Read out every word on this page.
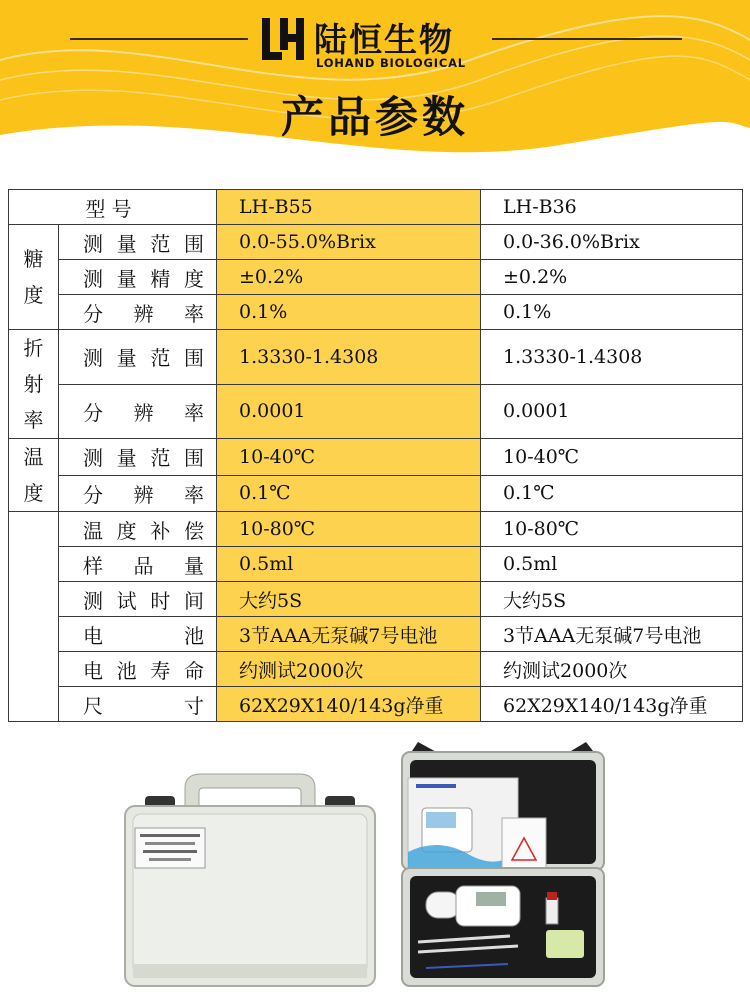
陆恒生物
LOHAND BIOLOGICAL
产品参数
型 号		LH-B55	LH-B36

糖
度	测量范围	0.0-55.0%Brix	0.0-36.0%Brix
	测量精度	±0.2%	±0.2%
	分辨率	0.1%	0.1%

折
射
率	测量范围	1.3330-1.4308	1.3330-1.4308
	分辨率	0.0001	0.0001

温
度	测量范围	10-40℃	10-40℃
	分辨率	0.1℃	0.1℃
	温度补偿	10-80℃	10-80℃
	样品量	0.5ml	0.5ml
	测试时间	大约5S	大约5S
	电池	3节AAA无泵碱7号电池	3节AAA无泵碱7号电池
	电池寿命	约测试2000次	约测试2000次
	尺寸	62X29X140/143g净重	62X29X140/143g净重
